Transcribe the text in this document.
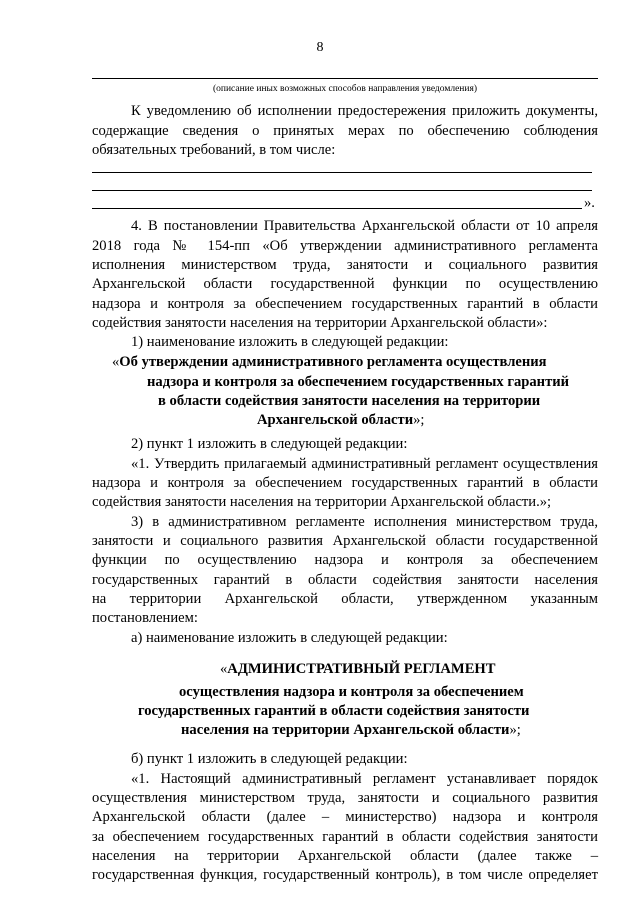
8
(описание иных возможных способов направления уведомления)
К уведомлению об исполнении предостережения приложить документы,
содержащие сведения о принятых мерах по обеспечению соблюдения
обязательных требований, в том числе:
».
4. В постановлении Правительства Архангельской области от 10 апреля
2018 года № 154-пп «Об утверждении административного регламента
исполнения министерством труда, занятости и социального развития
Архангельской области государственной функции по осуществлению
надзора и контроля за обеспечением государственных гарантий в области
содействия занятости населения на территории Архангельской области»:
1) наименование изложить в следующей редакции:
«Об утверждении административного регламента осуществления
надзора и контроля за обеспечением государственных гарантий
в области содействия занятости населения на территории
Архангельской области»;
2) пункт 1 изложить в следующей редакции:
«1. Утвердить прилагаемый административный регламент осуществления
надзора и контроля за обеспечением государственных гарантий в области
содействия занятости населения на территории Архангельской области.»;
3) в административном регламенте исполнения министерством труда,
занятости и социального развития Архангельской области государственной
функции по осуществлению надзора и контроля за обеспечением
государственных гарантий в области содействия занятости населения
на территории Архангельской области, утвержденном указанным
постановлением:
а) наименование изложить в следующей редакции:
«АДМИНИСТРАТИВНЫЙ РЕГЛАМЕНТ
осуществления надзора и контроля за обеспечением
государственных гарантий в области содействия занятости
населения на территории Архангельской области»;
б) пункт 1 изложить в следующей редакции:
«1. Настоящий административный регламент устанавливает порядок
осуществления министерством труда, занятости и социального развития
Архангельской области (далее – министерство) надзора и контроля
за обеспечением государственных гарантий в области содействия занятости
населения на территории Архангельской области (далее также –
государственная функция, государственный контроль), в том числе определяет
